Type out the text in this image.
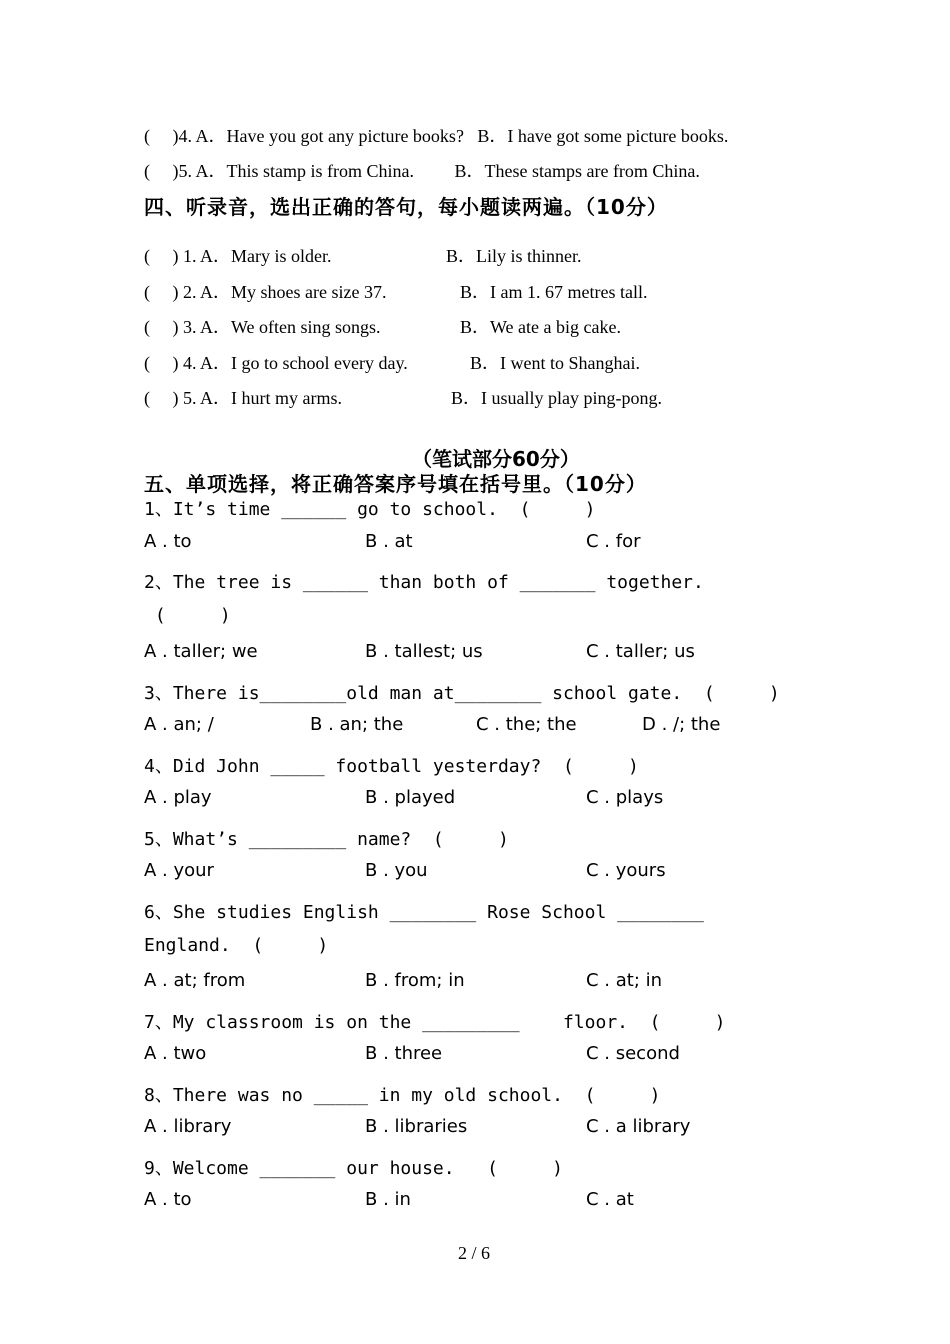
(     )4. A．Have you got any picture books?   B．I have got some picture books.
(     )5. A．This stamp is from China.         B．These stamps are from China.
四、听录音，选出正确的答句，每小题读两遍。（10分）
(     ) 1. A．Mary is older.	B．Lily is thinner.
(     ) 2. A．My shoes are size 37.	B．I am 1. 67 metres tall.
(     ) 3. A．We often sing songs.	B．We ate a big cake.
(     ) 4. A．I go to school every day.	B．I went to Shanghai.
(     ) 5. A．I hurt my arms.	B．I usually play ping-pong.
（笔试部分60分）
五、单项选择，将正确答案序号填在括号里。（10分）
1、It’s time ______ go to school.  (     )
A . to	B . at	C . for
2、The tree is ______ than both of _______ together.
(     )
A . taller; we	B . tallest; us	C . taller; us
3、There is________old man at________ school gate.  (     )
A . an; /	B . an; the	C . the; the	D . /; the
4、Did John _____ football yesterday?  (     )
A . play	B . played	C . plays
5、What’s _________ name?  (     )
A . your	B . you	C . yours
6、She studies English ________ Rose School ________
England.  (     )
A . at; from	B . from; in	C . at; in
7、My classroom is on the _________    floor.  (     )
A . two	B . three	C . second
8、There was no _____ in my old school.  (     )
A . library	B . libraries	C . a library
9、Welcome _______ our house.   (     )
A . to	B . in	C . at
2 / 6
